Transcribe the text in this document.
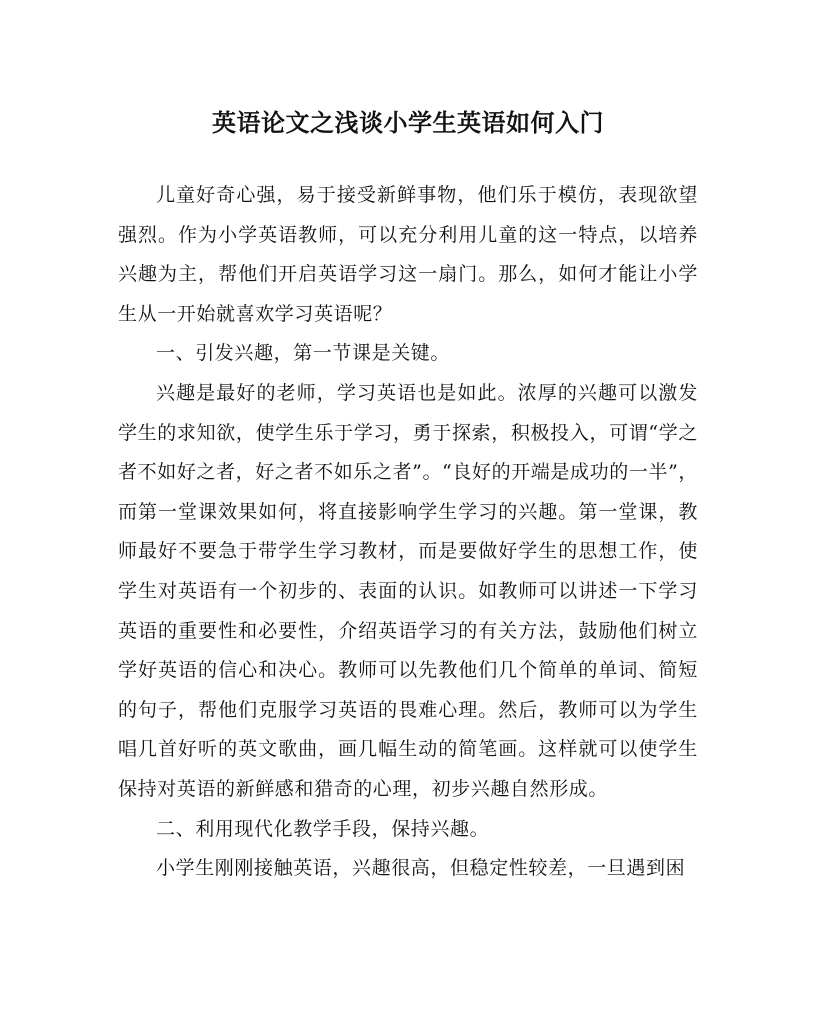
英语论文之浅谈小学生英语如何入门

儿童好奇心强，易于接受新鲜事物，他们乐于模仿，表现欲望强烈。作为小学英语教师，可以充分利用儿童的这一特点，以培养兴趣为主，帮他们开启英语学习这一扇门。那么，如何才能让小学生从一开始就喜欢学习英语呢？

一、引发兴趣，第一节课是关键。

兴趣是最好的老师，学习英语也是如此。浓厚的兴趣可以激发学生的求知欲，使学生乐于学习，勇于探索，积极投入，可谓“学之者不如好之者，好之者不如乐之者”。“良好的开端是成功的一半”，而第一堂课效果如何，将直接影响学生学习的兴趣。第一堂课，教师最好不要急于带学生学习教材，而是要做好学生的思想工作，使学生对英语有一个初步的、表面的认识。如教师可以讲述一下学习英语的重要性和必要性，介绍英语学习的有关方法，鼓励他们树立学好英语的信心和决心。教师可以先教他们几个简单的单词、简短的句子，帮他们克服学习英语的畏难心理。然后，教师可以为学生唱几首好听的英文歌曲，画几幅生动的简笔画。这样就可以使学生保持对英语的新鲜感和猎奇的心理，初步兴趣自然形成。

二、利用现代化教学手段，保持兴趣。

小学生刚刚接触英语，兴趣很高，但稳定性较差，一旦遇到困
